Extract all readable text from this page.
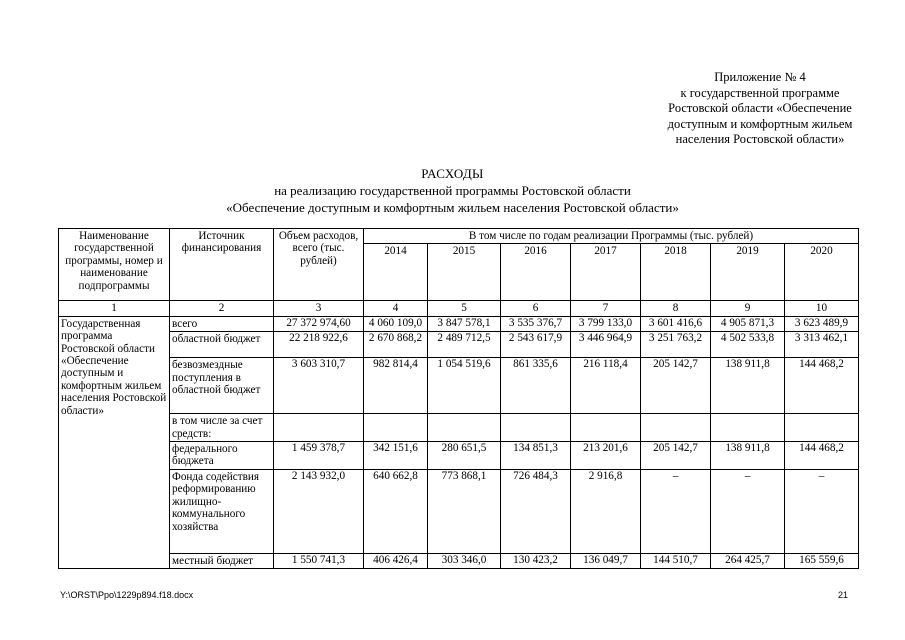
Приложение № 4
к государственной программе
Ростовской области «Обеспечение
доступным и комфортным жильем
населения Ростовской области»
РАСХОДЫ
на реализацию государственной программы Ростовской области
«Обеспечение доступным и комфортным жильем населения Ростовской области»
Наименование государственной программы, номер и наименование подпрограммы	Источник финансирования	Объем расходов, всего (тыс. рублей)	В том числе по годам реализации Программы (тыс. рублей)						
			2014	2015	2016	2017	2018	2019	2020
1	2	3	4	5	6	7	8	9	10
Государственная программа Ростовской области «Обеспечение доступным и комфортным жильем населения Ростовской области»	всего	27 372 974,60	4 060 109,0	3 847 578,1	3 535 376,7	3 799 133,0	3 601 416,6	4 905 871,3	3 623 489,9
	областной бюджет	22 218 922,6	2 670 868,2	2 489 712,5	2 543 617,9	3 446 964,9	3 251 763,2	4 502 533,8	3 313 462,1
	безвозмездные поступления в областной бюджет	3 603 310,7	982 814,4	1 054 519,6	861 335,6	216 118,4	205 142,7	138 911,8	144 468,2
	в том числе за счет средств:								
	федерального бюджета	1 459 378,7	342 151,6	280 651,5	134 851,3	213 201,6	205 142,7	138 911,8	144 468,2
	Фонда содействия реформированию жилищно-коммунального хозяйства	2 143 932,0	640 662,8	773 868,1	726 484,3	2 916,8	–	–	–
	местный бюджет	1 550 741,3	406 426,4	303 346,0	130 423,2	136 049,7	144 510,7	264 425,7	165 559,6
Y:\ORST\Ppo\1229p894.f18.docx	21
